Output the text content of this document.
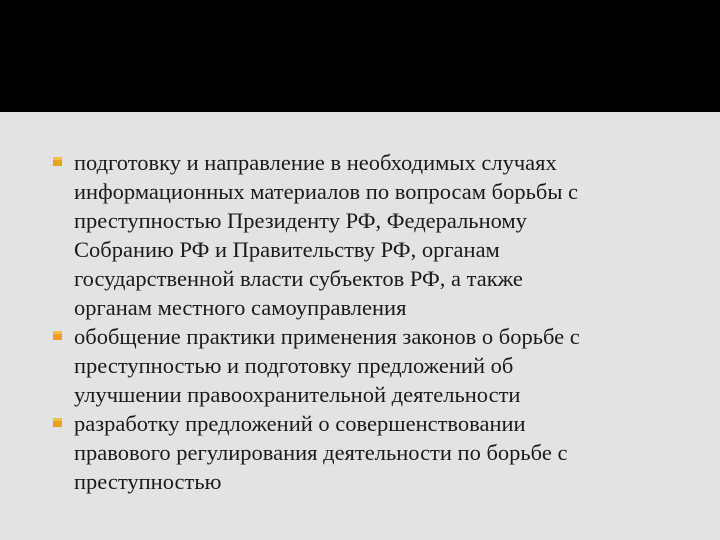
подготовку и направление в необходимых случаях
информационных материалов по вопросам борьбы с
преступностью Президенту РФ, Федеральному
Собранию РФ и Правительству РФ, органам
государственной власти субъектов РФ, а также
органам местного самоуправления
обобщение практики применения законов о борьбе с
преступностью и подготовку предложений об
улучшении правоохранительной деятельности
разработку предложений о совершенствовании
правового регулирования деятельности по борьбе с
преступностью
